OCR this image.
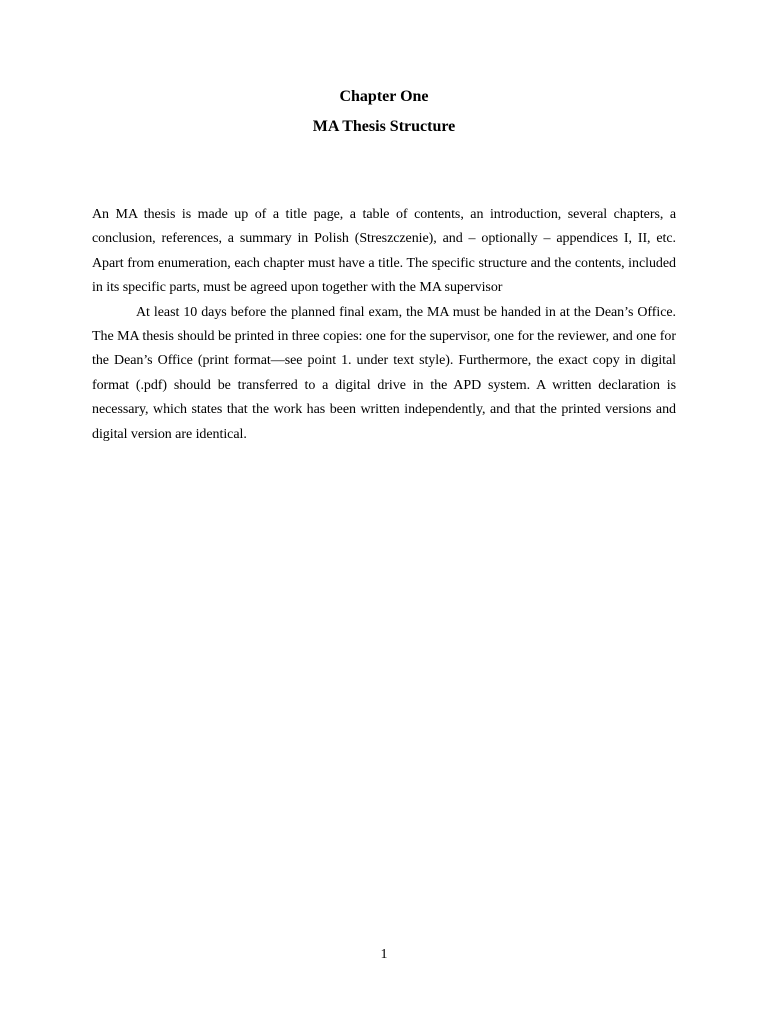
Chapter One
MA Thesis Structure

An MA thesis is made up of a title page, a table of contents, an introduction, several chapters, a conclusion, references, a summary in Polish (Streszczenie), and – optionally – appendices I, II, etc. Apart from enumeration, each chapter must have a title. The specific structure and the contents, included in its specific parts, must be agreed upon together with the MA supervisor

At least 10 days before the planned final exam, the MA must be handed in at the Dean’s Office. The MA thesis should be printed in three copies: one for the supervisor, one for the reviewer, and one for the Dean’s Office (print format—see point 1. under text style). Furthermore, the exact copy in digital format (.pdf) should be transferred to a digital drive in the APD system. A written declaration is necessary, which states that the work has been written independently, and that the printed versions and digital version are identical.

1
